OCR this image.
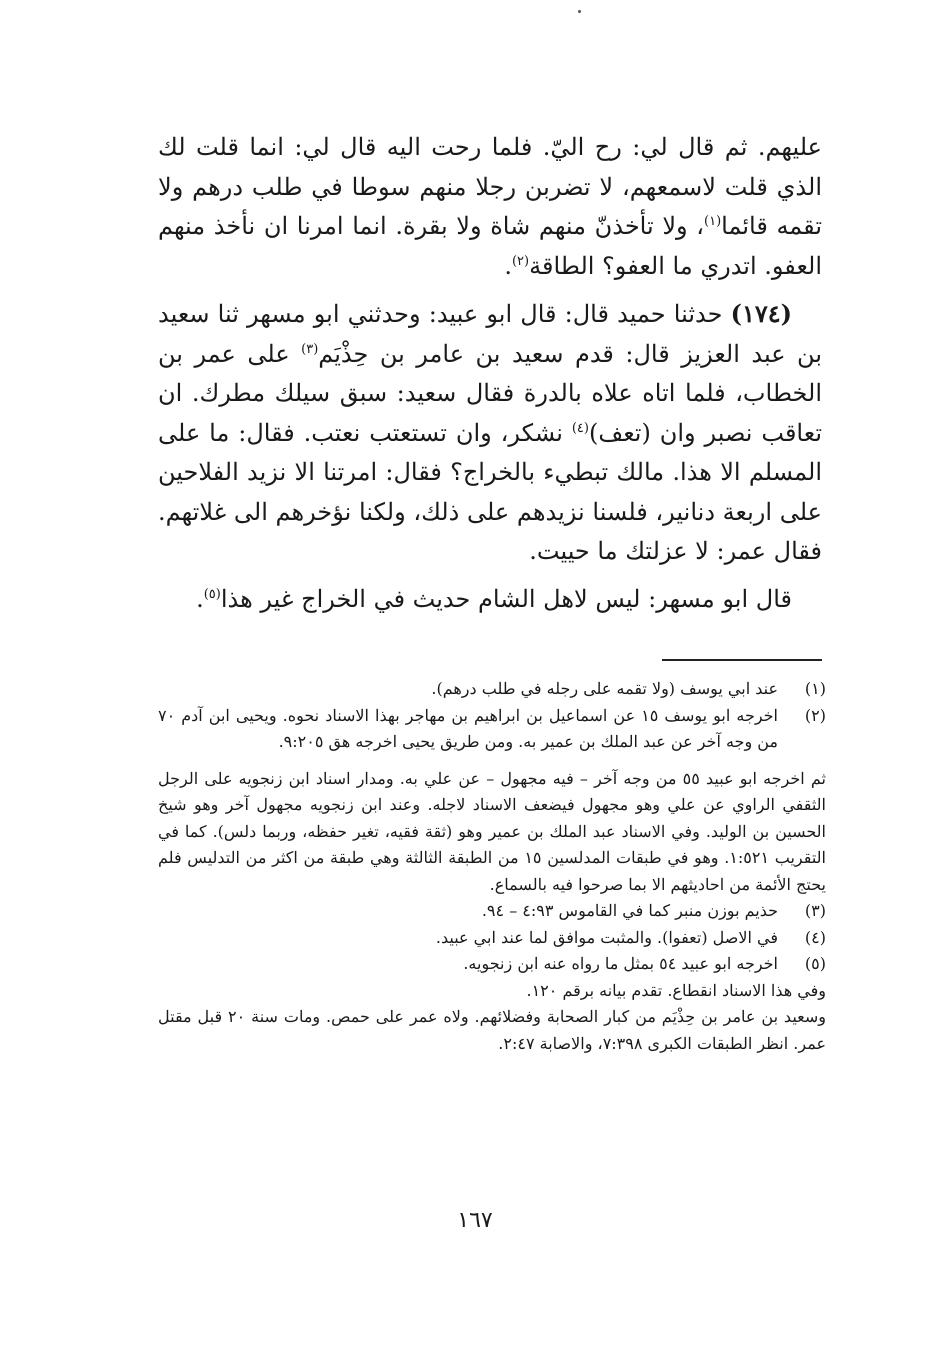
عليهم. ثم قال لي: رح اليّ. فلما رحت اليه قال لي: انما قلت لك الذي قلت لاسمعهم، لا تضربن رجلا منهم سوطا في طلب درهم ولا تقمه قائما$^{(١)}$، ولا تأخذنّ منهم شاة ولا بقرة. انما امرنا ان نأخذ منهم العفو. اتدري ما العفو؟ الطاقة$^{(٢)}$.

(١٧٤) حدثنا حميد قال: قال ابو عبيد: وحدثني ابو مسهر ثنا سعيد بن عبد العزيز قال: قدم سعيد بن عامر بن حِذْيَم$^{(٣)}$ على عمر بن الخطاب، فلما اتاه علاه بالدرة فقال سعيد: سبق سيلك مطرك. ان تعاقب نصبر وان (تعف)$^{(٤)}$ نشكر، وان تستعتب نعتب. فقال: ما على المسلم الا هذا. مالك تبطيء بالخراج؟ فقال: امرتنا الا نزيد الفلاحين على اربعة دنانير، فلسنا نزيدهم على ذلك، ولكنا نؤخرهم الى غلاتهم. فقال عمر: لا عزلتك ما حييت.

قال ابو مسهر: ليس لاهل الشام حديث في الخراج غير هذا$^{(٥)}$.

(١)
عند ابي يوسف (ولا تقمه على رجله في طلب درهم).
(٢)
اخرجه ابو يوسف ١٥ عن اسماعيل بن ابراهيم بن مهاجر بهذا الاسناد نحوه. ويحيى ابن آدم ٧٠ من وجه آخر عن عبد الملك بن عمير به. ومن طريق يحيى اخرجه هق ٩:٢٠٥.

ثم اخرجه ابو عبيد ٥٥ من وجه آخر – فيه مجهول – عن علي به. ومدار اسناد ابن زنجويه على الرجل الثقفي الراوي عن علي وهو مجهول فيضعف الاسناد لاجله. وعند ابن زنجويه مجهول آخر وهو شيخ الحسين بن الوليد. وفي الاسناد عبد الملك بن عمير وهو (ثقة فقيه، تغير حفظه، وربما دلس). كما في التقريب ١:٥٢١. وهو في طبقات المدلسين ١٥ من الطبقة الثالثة وهي طبقة من اكثر من التدليس فلم يحتج الأئمة من احاديثهم الا بما صرحوا فيه بالسماع.

(٣)
حذيم بوزن منبر كما في القاموس ٤:٩٣ – ٩٤.
(٤)
في الاصل (تعفوا). والمثبت موافق لما عند ابي عبيد.
(٥)
اخرجه ابو عبيد ٥٤ بمثل ما رواه عنه ابن زنجويه.

وفي هذا الاسناد انقطاع. تقدم بيانه برقم ١٢٠.

وسعيد بن عامر بن حِذْيَم من كبار الصحابة وفضلائهم. ولاه عمر على حمص. ومات سنة ٢٠ قبل مقتل عمر. انظر الطبقات الكبرى ٧:٣٩٨، والاصابة ٢:٤٧.

١٦٧
